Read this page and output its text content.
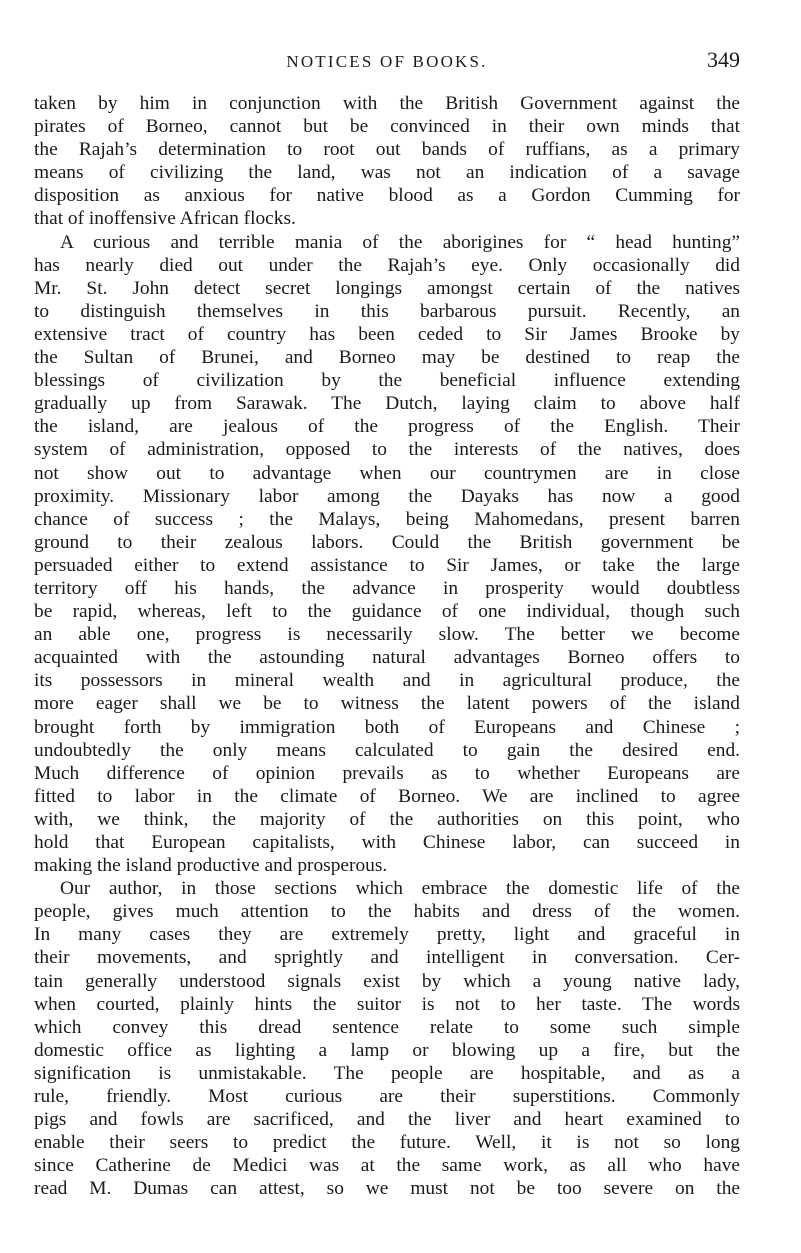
NOTICES OF BOOKS.	349
taken by him in conjunction with the British Government against the
pirates of Borneo, cannot but be convinced in their own minds that
the Rajah’s determination to root out bands of ruffians, as a primary
means of civilizing the land, was not an indication of a savage
disposition as anxious for native blood as a Gordon Cumming for
that of inoffensive African flocks.
A curious and terrible mania of the aborigines for “ head hunting”
has nearly died out under the Rajah’s eye. Only occasionally did
Mr. St. John detect secret longings amongst certain of the natives
to distinguish themselves in this barbarous pursuit. Recently, an
extensive tract of country has been ceded to Sir James Brooke by
the Sultan of Brunei, and Borneo may be destined to reap the
blessings of civilization by the beneficial influence extending
gradually up from Sarawak. The Dutch, laying claim to above half
the island, are jealous of the progress of the English. Their
system of administration, opposed to the interests of the natives, does
not show out to advantage when our countrymen are in close
proximity. Missionary labor among the Dayaks has now a good
chance of success ; the Malays, being Mahomedans, present barren
ground to their zealous labors. Could the British government be
persuaded either to extend assistance to Sir James, or take the large
territory off his hands, the advance in prosperity would doubtless
be rapid, whereas, left to the guidance of one individual, though such
an able one, progress is necessarily slow. The better we become
acquainted with the astounding natural advantages Borneo offers to
its possessors in mineral wealth and in agricultural produce, the
more eager shall we be to witness the latent powers of the island
brought forth by immigration both of Europeans and Chinese ;
undoubtedly the only means calculated to gain the desired end.
Much difference of opinion prevails as to whether Europeans are
fitted to labor in the climate of Borneo. We are inclined to agree
with, we think, the majority of the authorities on this point, who
hold that European capitalists, with Chinese labor, can succeed in
making the island productive and prosperous.
Our author, in those sections which embrace the domestic life of the
people, gives much attention to the habits and dress of the women.
In many cases they are extremely pretty, light and graceful in
their movements, and sprightly and intelligent in conversation. Cer-
tain generally understood signals exist by which a young native lady,
when courted, plainly hints the suitor is not to her taste. The words
which convey this dread sentence relate to some such simple
domestic office as lighting a lamp or blowing up a fire, but the
signification is unmistakable. The people are hospitable, and as a
rule, friendly. Most curious are their superstitions. Commonly
pigs and fowls are sacrificed, and the liver and heart examined to
enable their seers to predict the future. Well, it is not so long
since Catherine de Medici was at the same work, as all who have
read M. Dumas can attest, so we must not be too severe on the
